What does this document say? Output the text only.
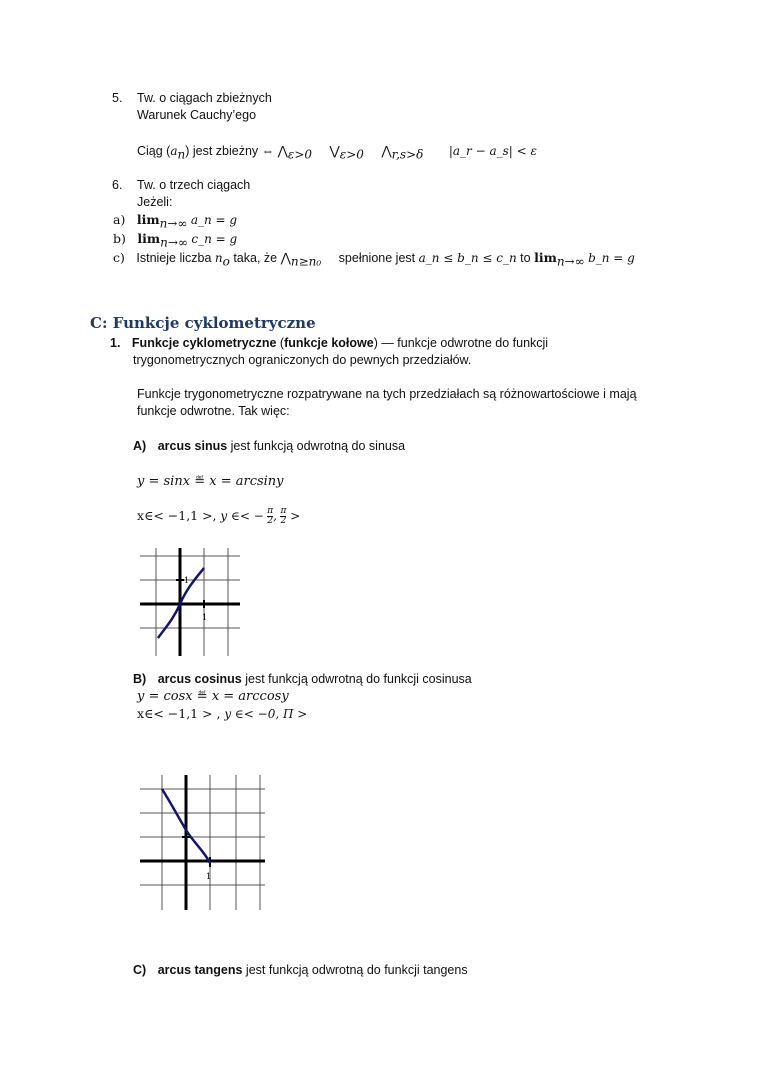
5. Tw. o ciągach zbieżnych
Warunek Cauchy’ego
Ciąg $(a_n)$ jest zbieżny ⇔ $⋀_{\varepsilon>0}$ $⋁_{\varepsilon>0}$ $⋀_{r,s>\delta}$ |a_r − a_s| < ε
6. Tw. o trzech ciągach
Jeżeli:
a) $\lim_{n\to\infty}$ a_n = g
b) $\lim_{n\to\infty}$ c_n = g
c) Istnieje liczba $n_o$ taka, że $⋀_{n\ge n_0}$ spełnione jest a_n ≤ b_n ≤ c_n to $\lim_{n\to\infty}$ b_n = g
C: Funkcje cyklometryczne
1. Funkcje cyklometryczne (funkcje kołowe) — funkcje odwrotne do funkcji
trygonometrycznych ograniczonych do pewnych przedziałów.
Funkcje trygonometryczne rozpatrywane na tych przedziałach są różnowartościowe i mają
funkcje odwrotne. Tak więc:
A) arcus sinus jest funkcją odwrotną do sinusa
y = sinx ≝ x = arcsiny
x∈< −1,1 >, y ∈< − $\frac{\pi}{2}$ , $\frac{\pi}{2}$ >
1
1
B) arcus cosinus jest funkcją odwrotną do funkcji cosinusa
y = cosx ≝ x = arccosy
x∈< −1,1 > , y ∈< −0, Π >
1
C) arcus tangens jest funkcją odwrotną do funkcji tangens
